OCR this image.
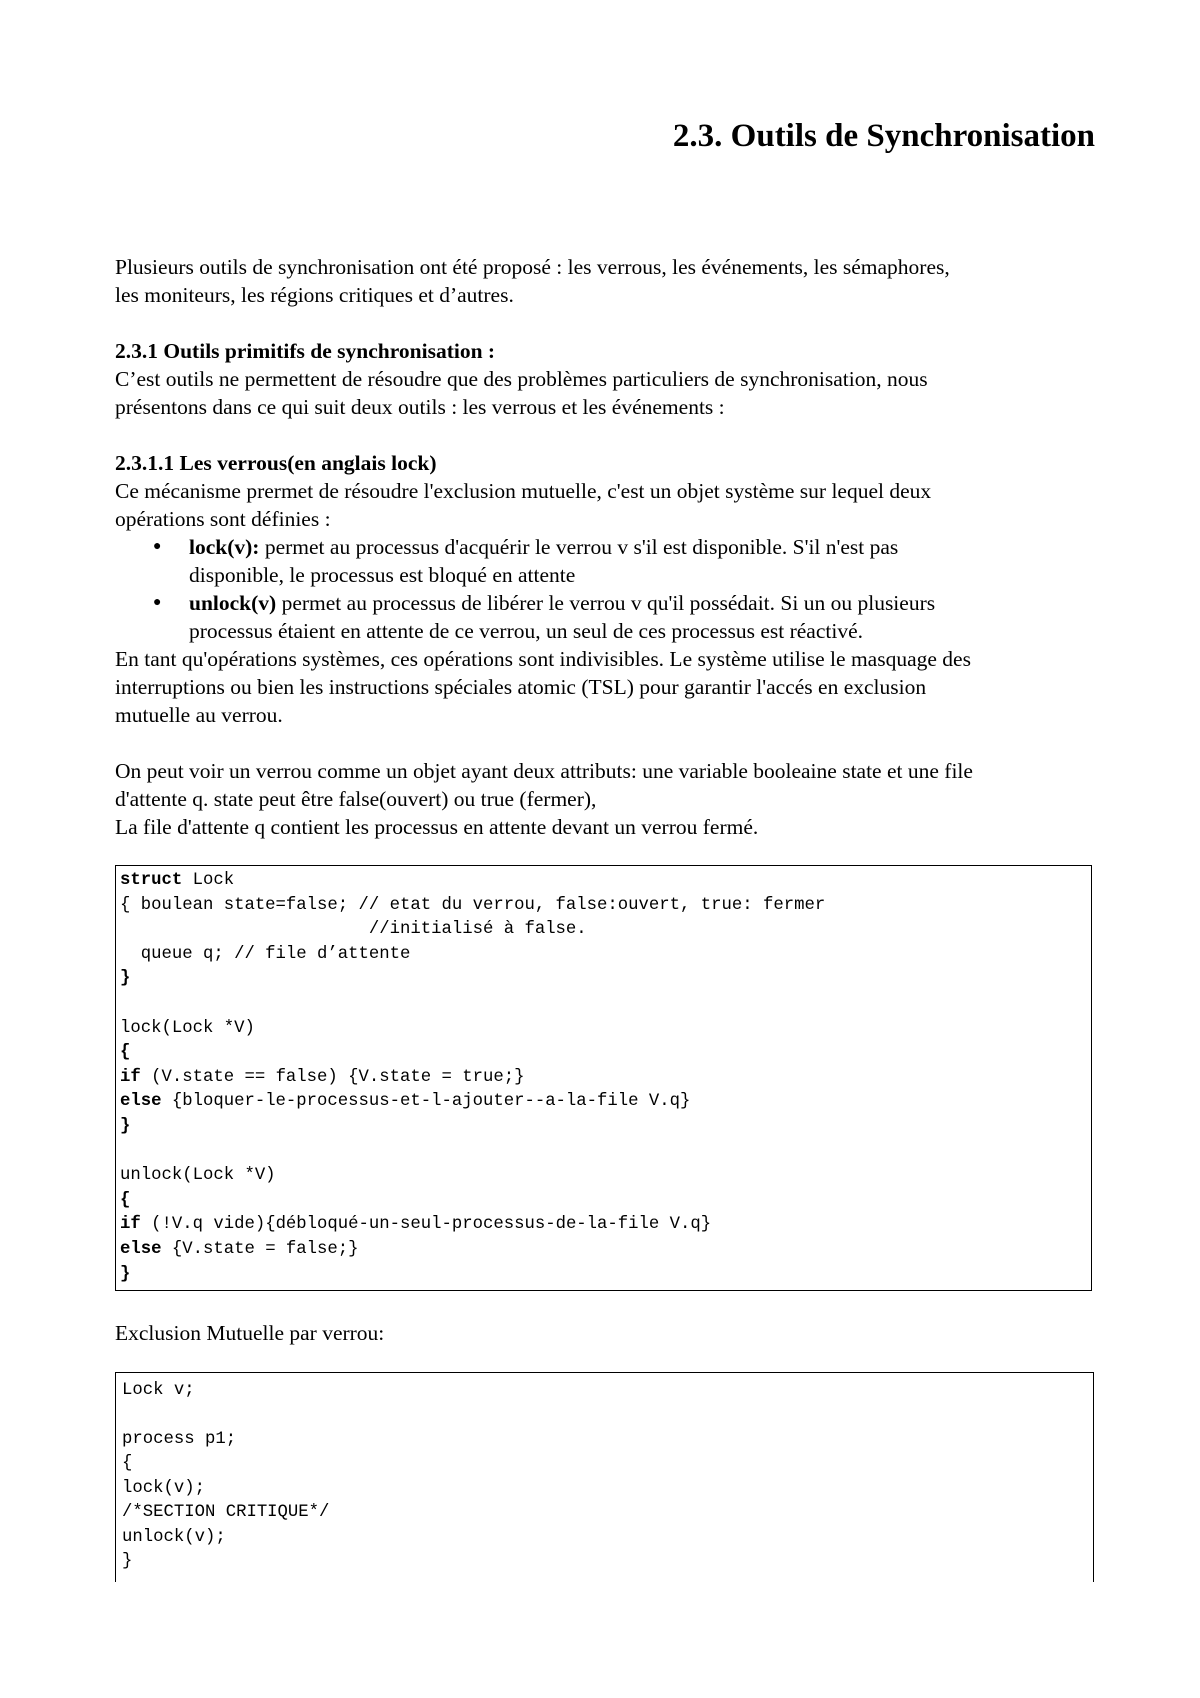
2.3. Outils de Synchronisation

Plusieurs outils de synchronisation ont été proposé : les verrous, les événements, les sémaphores,

les moniteurs, les régions critiques et d’autres.

2.3.1 Outils primitifs de synchronisation :

C’est outils ne permettent de résoudre que des problèmes particuliers de synchronisation, nous

présentons dans ce qui suit deux outils : les verrous et les événements :

2.3.1.1 Les verrous(en anglais lock)

Ce mécanisme prermet de résoudre l'exclusion mutuelle, c'est un objet système sur lequel deux

opérations sont définies :

● lock(v): permet au processus d'acquérir le verrou v s'il est disponible. S'il n'est pas
disponible, le processus est bloqué en attente
● unlock(v) permet au processus de libérer le verrou v qu'il possédait. Si un ou plusieurs
processus étaient en attente de ce verrou, un seul de ces processus est réactivé.

En tant qu'opérations systèmes, ces opérations sont indivisibles. Le système utilise le masquage des

interruptions ou bien les instructions spéciales atomic (TSL) pour garantir l'accés en exclusion

mutuelle au verrou.

On peut voir un verrou comme un objet ayant deux attributs: une variable booleaine state et une file

d'attente q. state peut être false(ouvert) ou true (fermer),

La file d'attente q contient les processus en attente devant un verrou fermé.

struct Lock
{ boulean state=false; // etat du verrou, false:ouvert, true: fermer
//initialisé à false.
queue q; // file d’attente
}

lock(Lock *V)
{
if (V.state == false) {V.state = true;}
else {bloquer-le-processus-et-l-ajouter--a-la-file V.q}
}

unlock(Lock *V)
{
if (!V.q vide){débloqué-un-seul-processus-de-la-file V.q}
else {V.state = false;}
}

Exclusion Mutuelle par verrou:

Lock v;

process p1;
{
lock(v);
/*SECTION CRITIQUE*/
unlock(v);
}
